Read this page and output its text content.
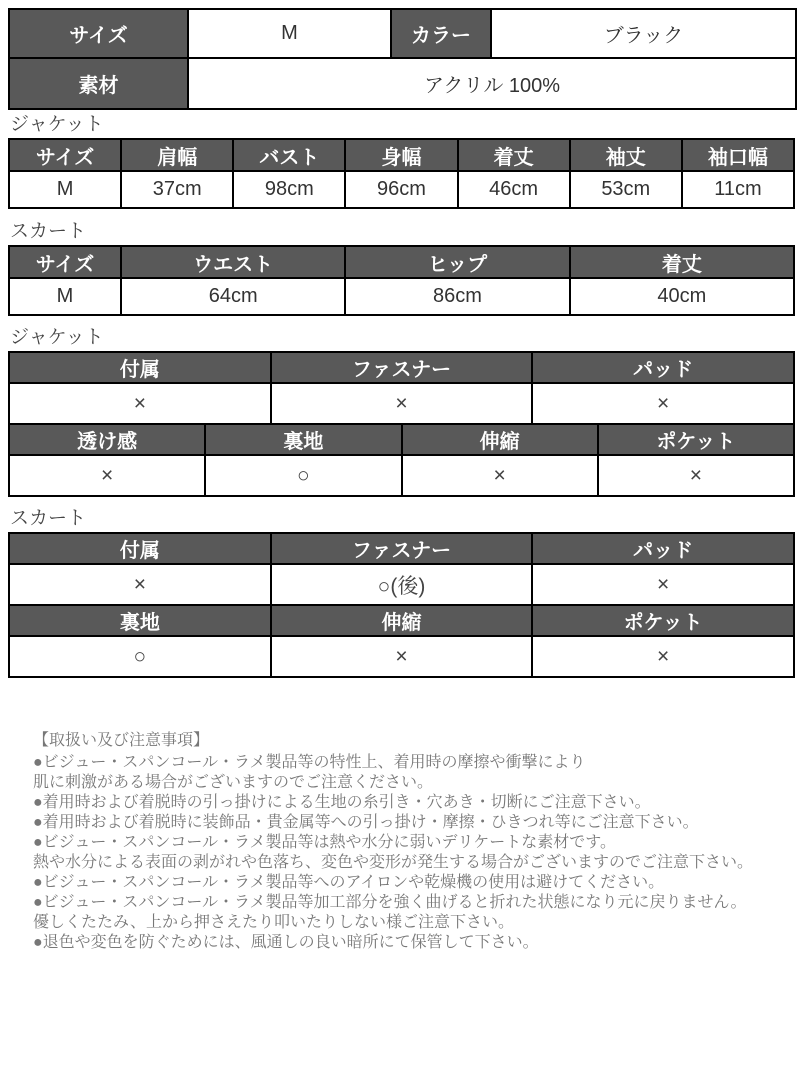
サイズ	M	カラー	ブラック
素材	アクリル 100%		
ジャケット
サイズ	肩幅	バスト	身幅	着丈	袖丈	袖口幅
M	37cm	98cm	96cm	46cm	53cm	11cm
スカート
サイズ	ウエスト	ヒップ	着丈
M	64cm	86cm	40cm
ジャケット
付属	ファスナー	パッド
×	×	×
透け感	裏地	伸縮	ポケット
×	○	×	×
スカート
付属	ファスナー	パッド
×	○(後)	×
裏地	伸縮	ポケット
○	×	×
【取扱い及び注意事項】
●ビジュー・スパンコール・ラメ製品等の特性上、着用時の摩擦や衝撃により
肌に刺激がある場合がございますのでご注意ください。
●着用時および着脱時の引っ掛けによる生地の糸引き・穴あき・切断にご注意下さい。
●着用時および着脱時に装飾品・貴金属等への引っ掛け・摩擦・ひきつれ等にご注意下さい。
●ビジュー・スパンコール・ラメ製品等は熱や水分に弱いデリケートな素材です。
熱や水分による表面の剥がれや色落ち、変色や変形が発生する場合がございますのでご注意下さい。
●ビジュー・スパンコール・ラメ製品等へのアイロンや乾燥機の使用は避けてください。
●ビジュー・スパンコール・ラメ製品等加工部分を強く曲げると折れた状態になり元に戻りません。
優しくたたみ、上から押さえたり叩いたりしない様ご注意下さい。
●退色や変色を防ぐためには、風通しの良い暗所にて保管して下さい。
